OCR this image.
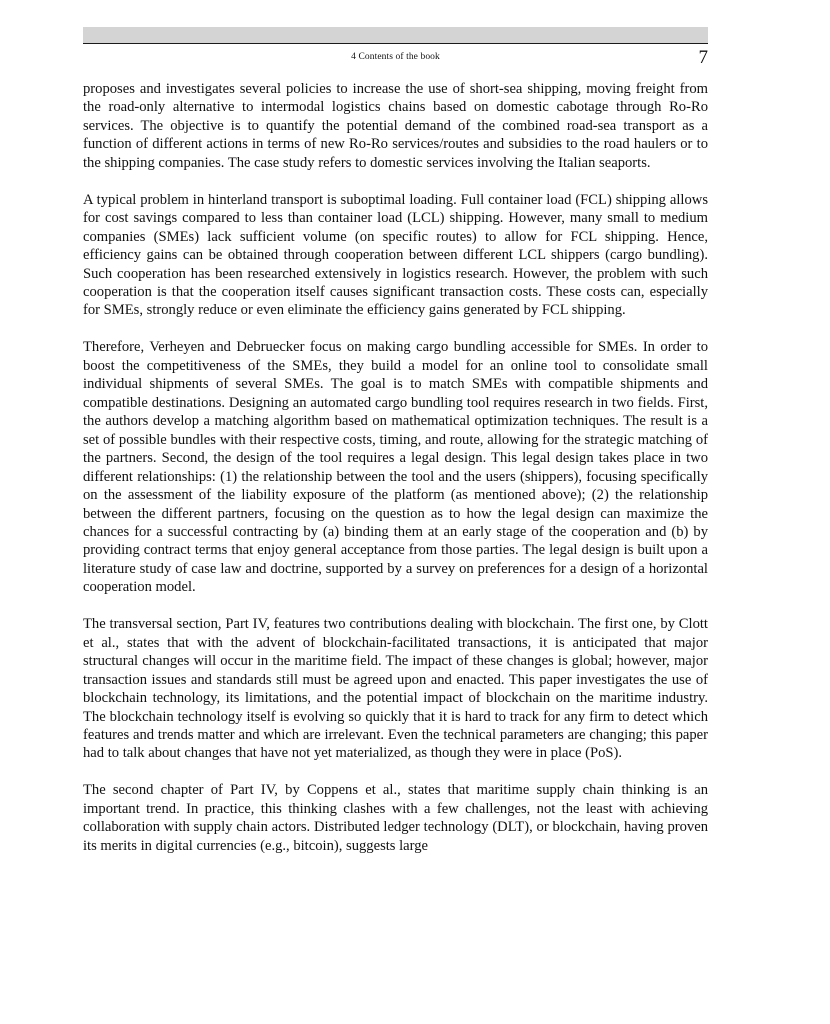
4 Contents of the book	7

proposes and investigates several policies to increase the use of short-sea shipping, moving freight from the road-only alternative to intermodal logistics chains based on domestic cabotage through Ro-Ro services. The objective is to quantify the potential demand of the combined road-sea transport as a function of different actions in terms of new Ro-Ro services/routes and subsidies to the road haulers or to the shipping companies. The case study refers to domestic services involving the Italian seaports.

A typical problem in hinterland transport is suboptimal loading. Full container load (FCL) shipping allows for cost savings compared to less than container load (LCL) shipping. However, many small to medium companies (SMEs) lack sufficient volume (on specific routes) to allow for FCL shipping. Hence, efficiency gains can be obtained through cooperation between different LCL shippers (cargo bundling). Such cooperation has been researched extensively in logistics research. However, the problem with such cooperation is that the cooperation itself causes significant transaction costs. These costs can, especially for SMEs, strongly reduce or even eliminate the efficiency gains generated by FCL shipping.

Therefore, Verheyen and Debruecker focus on making cargo bundling accessible for SMEs. In order to boost the competitiveness of the SMEs, they build a model for an online tool to consolidate small individual shipments of several SMEs. The goal is to match SMEs with compatible shipments and compatible destinations. Designing an automated cargo bundling tool requires research in two fields. First, the authors develop a matching algorithm based on mathematical optimization techniques. The result is a set of possible bundles with their respective costs, timing, and route, allowing for the strategic matching of the partners. Second, the design of the tool requires a legal design. This legal design takes place in two different relationships: (1) the relationship between the tool and the users (shippers), focusing specifically on the assessment of the liability exposure of the platform (as mentioned above); (2) the relationship between the different partners, focusing on the question as to how the legal design can maximize the chances for a successful contracting by (a) binding them at an early stage of the cooperation and (b) by providing contract terms that enjoy general acceptance from those parties. The legal design is built upon a literature study of case law and doctrine, supported by a survey on preferences for a design of a horizontal cooperation model.

The transversal section, Part IV, features two contributions dealing with blockchain. The first one, by Clott et al., states that with the advent of blockchain-facilitated transactions, it is anticipated that major structural changes will occur in the maritime field. The impact of these changes is global; however, major transaction issues and standards still must be agreed upon and enacted. This paper investigates the use of blockchain technology, its limitations, and the potential impact of blockchain on the maritime industry. The blockchain technology itself is evolving so quickly that it is hard to track for any firm to detect which features and trends matter and which are irrelevant. Even the technical parameters are changing; this paper had to talk about changes that have not yet materialized, as though they were in place (PoS).

The second chapter of Part IV, by Coppens et al., states that maritime supply chain thinking is an important trend. In practice, this thinking clashes with a few challenges, not the least with achieving collaboration with supply chain actors. Distributed ledger technology (DLT), or blockchain, having proven its merits in digital currencies (e.g., bitcoin), suggests large
